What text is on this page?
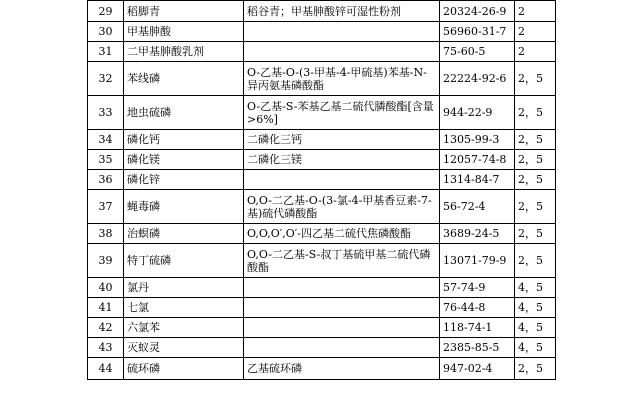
29	稻脚青	稻谷青；甲基胂酸锌可湿性粉剂	20324-26-9	2
30	甲基胂酸		56960-31-7	2
31	二甲基胂酸乳剂		75-60-5	2
32	苯线磷	O-乙基-O-(3-甲基-4-甲硫基)苯基-N-异丙氨基磷酸酯	22224-92-6	2，5
33	地虫硫磷	O-乙基-S-苯基乙基二硫代膦酸酯[含量>6%]	944-22-9	2，5
34	磷化钙	二磷化三钙	1305-99-3	2，5
35	磷化镁	二磷化三镁	12057-74-8	2，5
36	磷化锌		1314-84-7	2，5
37	蝇毒磷	O,O-二乙基-O-(3-氯-4-甲基香豆素-7-基)硫代磷酸酯	56-72-4	2，5
38	治螟磷	O,O,O′,O′-四乙基二硫代焦磷酸酯	3689-24-5	2，5
39	特丁硫磷	O,O-二乙基-S-叔丁基硫甲基二硫代磷酸酯	13071-79-9	2，5
40	氯丹		57-74-9	4，5
41	七氯		76-44-8	4，5
42	六氯苯		118-74-1	4，5
43	灭蚁灵		2385-85-5	4，5
44	硫环磷	乙基硫环磷	947-02-4	2，5
